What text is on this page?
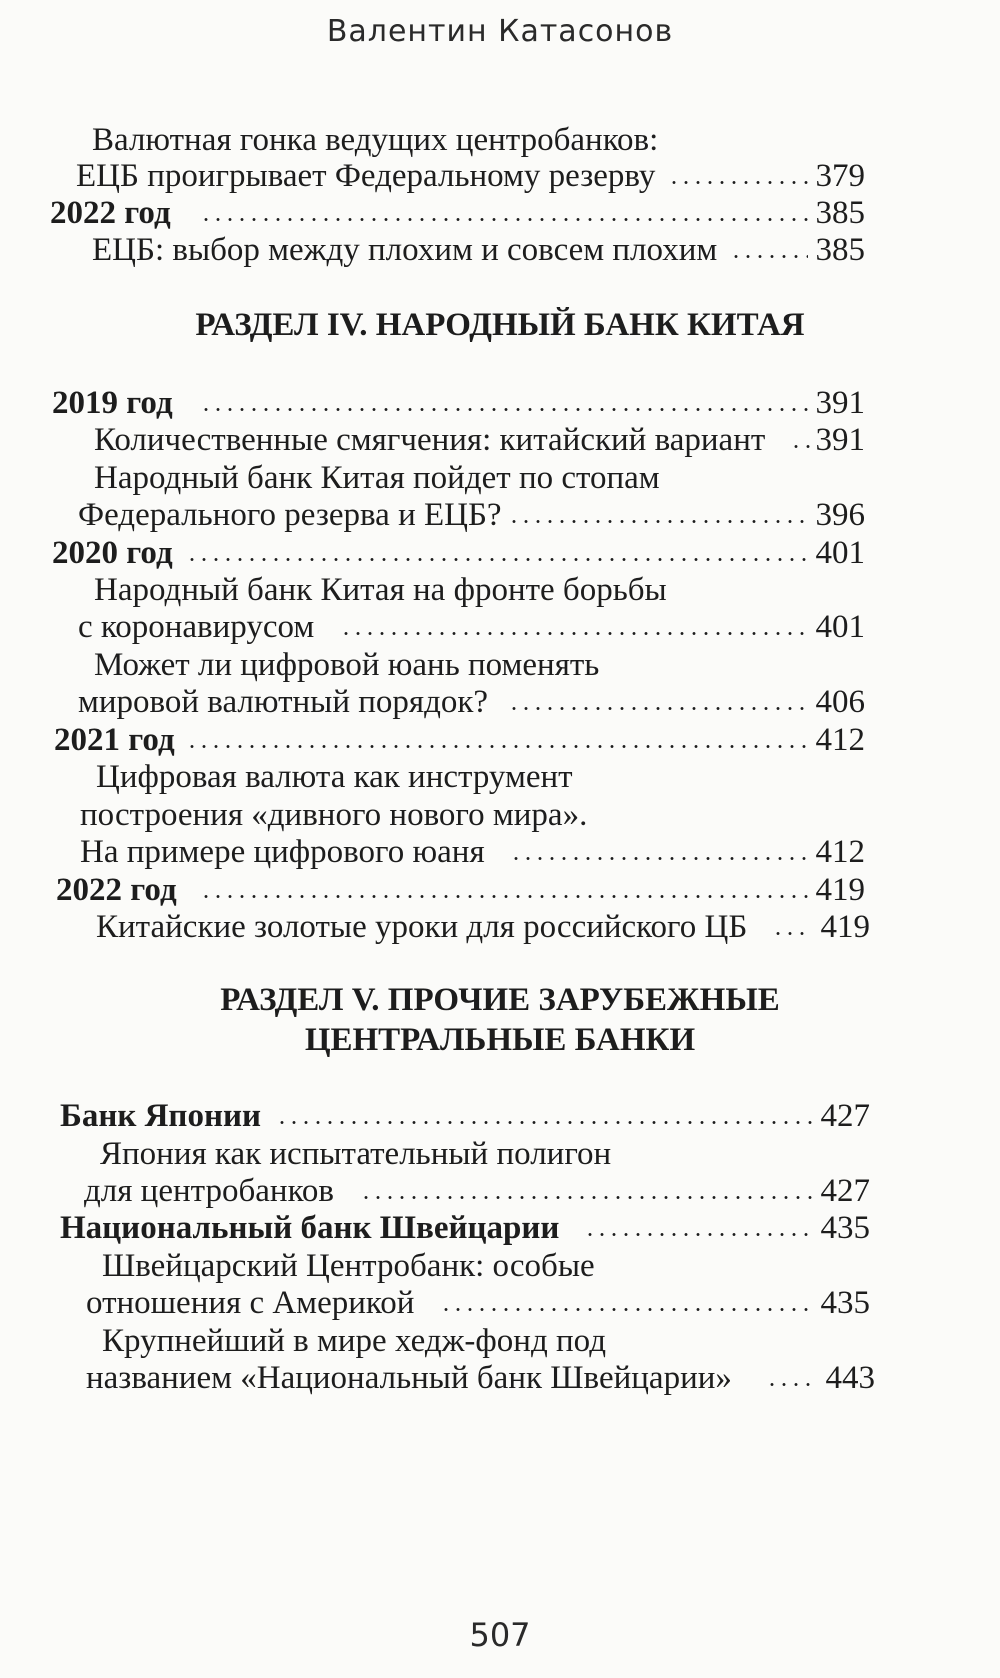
Валентин Катасонов
Валютная гонка ведущих центробанков:
ЕЦБ проигрывает Федеральному резерву	379
2022 год	385
ЕЦБ: выбор между плохим и совсем плохим	385
РАЗДЕЛ IV. НАРОДНЫЙ БАНК КИТАЯ
2019 год	391
Количественные смягчения: китайский вариант	391
Народный банк Китая пойдет по стопам
Федерального резерва и ЕЦБ?	396
2020 год	401
Народный банк Китая на фронте борьбы
с коронавирусом	401
Может ли цифровой юань поменять
мировой валютный порядок?	406
2021 год	412
Цифровая валюта как инструмент
построения «дивного нового мира».
На примере цифрового юаня	412
2022 год	419
Китайские золотые уроки для российского ЦБ	419
РАЗДЕЛ V. ПРОЧИЕ ЗАРУБЕЖНЫЕ
ЦЕНТРАЛЬНЫЕ БАНКИ
Банк Японии	427
Япония как испытательный полигон
для центробанков	427
Национальный банк Швейцарии	435
Швейцарский Центробанк: особые
отношения с Америкой	435
Крупнейший в мире хедж-фонд под
названием «Национальный банк Швейцарии»	443
507
